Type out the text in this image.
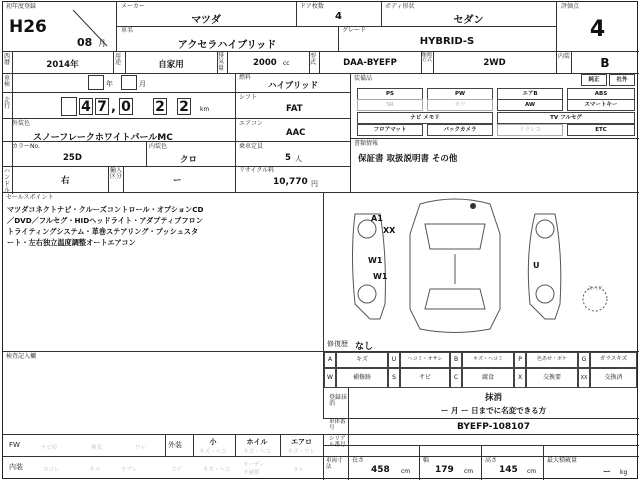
初年度登録
H26
08 月
メーカー
マツダ
ドア枚数
4
ボディ形状
セダン
評価点
4
車名
アクセラハイブリッド
グレード
HYBRID-S
西暦	2014年
用途	自家用
排気量
2000 cc
型式	DAA-BYEFP
駆動方式	2WD
内装	B
車検	年	月
走行	4 7 , 0 2 2	km
燃料
ハイブリッド
シフト
FAT
外装色
スノーフレークホワイトパールMC
エアコン
AAC
カラーNo.
25D
内装色
クロ
乗車定員
5 人
ハンドル
右
輸入区分	ー
リサイクル料
10,770 円
装備品	純正	社外
PS	PW	エアB	ABS
SR	カワ	AW	スマートキー
ナビ メモリ	TV フルセグ
フロアマット	バックカメラ	ドラレコ	ETC
書類情報
保証書 取扱説明書 その他
セールスポイント
マツダコネクトナビ・クルーズコントロール・オプションCD
／DVD／フルセグ・HIDヘッドライト・アダプティブフロン
トライティングシステム・革巻ステアリング・プッシュスタ
ート・左右独立温度調整オートエアコン
A1
XX
W1
W1
U
スペア
修復歴 なし
検査記入欄	A	キズ	U	ヘコミ・オサレ	B	キズ・ヘコミ	P	色あせ・ボケ	G	ガラスキズ
W	補修跡	S	サビ	C	腐食	X	交換要	XX	交換済
登録抹消
抹消
ー 月 ー 日までに名変できる方
車体番号	BYEFP-108107
シリアル番号
FW	ナビ位	換気	ワレ	外装	小
キズ・ヘコ
ホイル
キズ・ヘコ
エアロ
キズ・ワレ
内装	ヨゴレ	タバ	ヤブレ	コゲ	キズ・ヘコ
オーディオ破損	ヌレ
車両寸法
長さ
458 cm
幅
179 cm
高さ
145 cm
最大積載量
ー kg
